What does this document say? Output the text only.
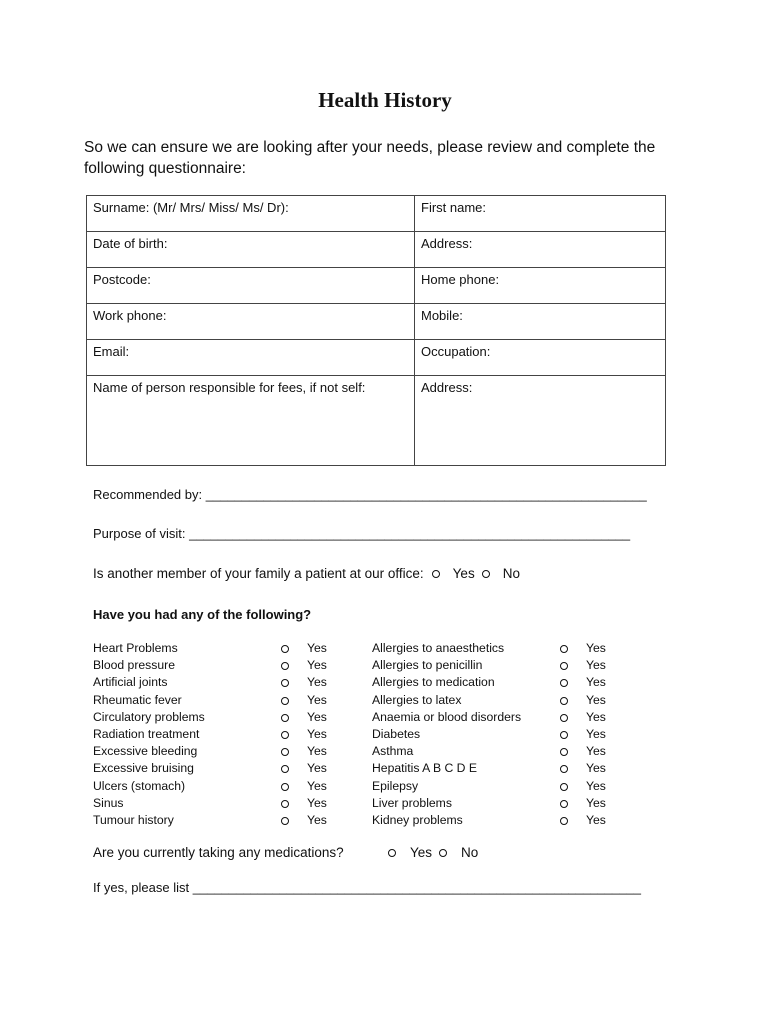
Health History
So we can ensure we are looking after your needs, please review and complete the following questionnaire:
Surname: (Mr/ Mrs/ Miss/ Ms/ Dr):	First name:

Date of birth:	Address:

Postcode:	Home phone:

Work phone:	Mobile:

Email:	Occupation:

Name of person responsible for fees, if not self:	Address:
Recommended by: _____________________________________________________________
Purpose of visit: _____________________________________________________________
Is another member of your family a patient at our office: Yes No
Have you had any of the following?
Heart Problems	Yes
Blood pressure	Yes
Artificial joints	Yes
Rheumatic fever	Yes
Circulatory problems	Yes
Radiation treatment	Yes
Excessive bleeding	Yes
Excessive bruising	Yes
Ulcers (stomach)	Yes
Sinus	Yes
Tumour history	Yes
Allergies to anaesthetics	Yes
Allergies to penicillin	Yes
Allergies to medication	Yes
Allergies to latex	Yes
Anaemia or blood disorders	Yes
Diabetes	Yes
Asthma	Yes
Hepatitis A B C D E	Yes
Epilepsy	Yes
Liver problems	Yes
Kidney problems	Yes
Are you currently taking any medications?	Yes No
If yes, please list ______________________________________________________________
